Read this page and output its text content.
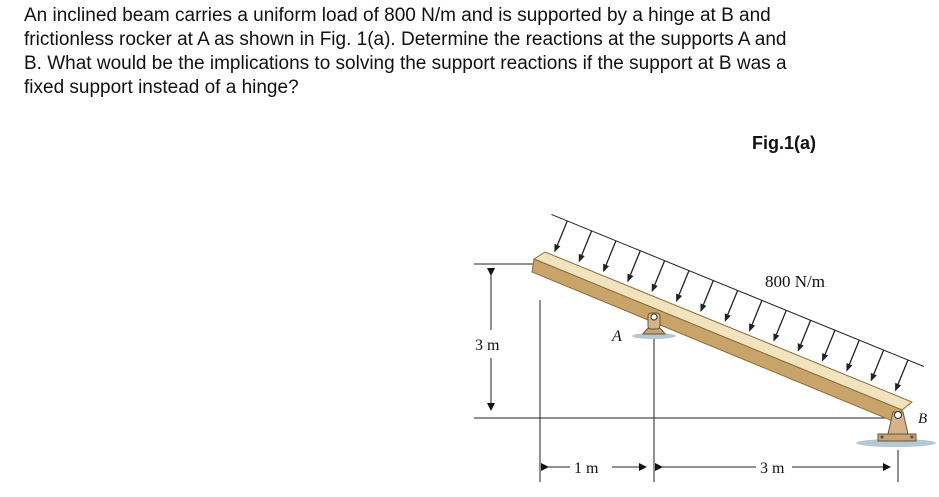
An inclined beam carries a uniform load of 800 N/m and is supported by a hinge at B and
frictionless rocker at A as shown in Fig. 1(a). Determine the reactions at the supports A and
B. What would be the implications to solving the support reactions if the support at B was a
fixed support instead of a hinge?
Fig.1(a)
800 N/m
3 m
1 m	3 m
A
B
